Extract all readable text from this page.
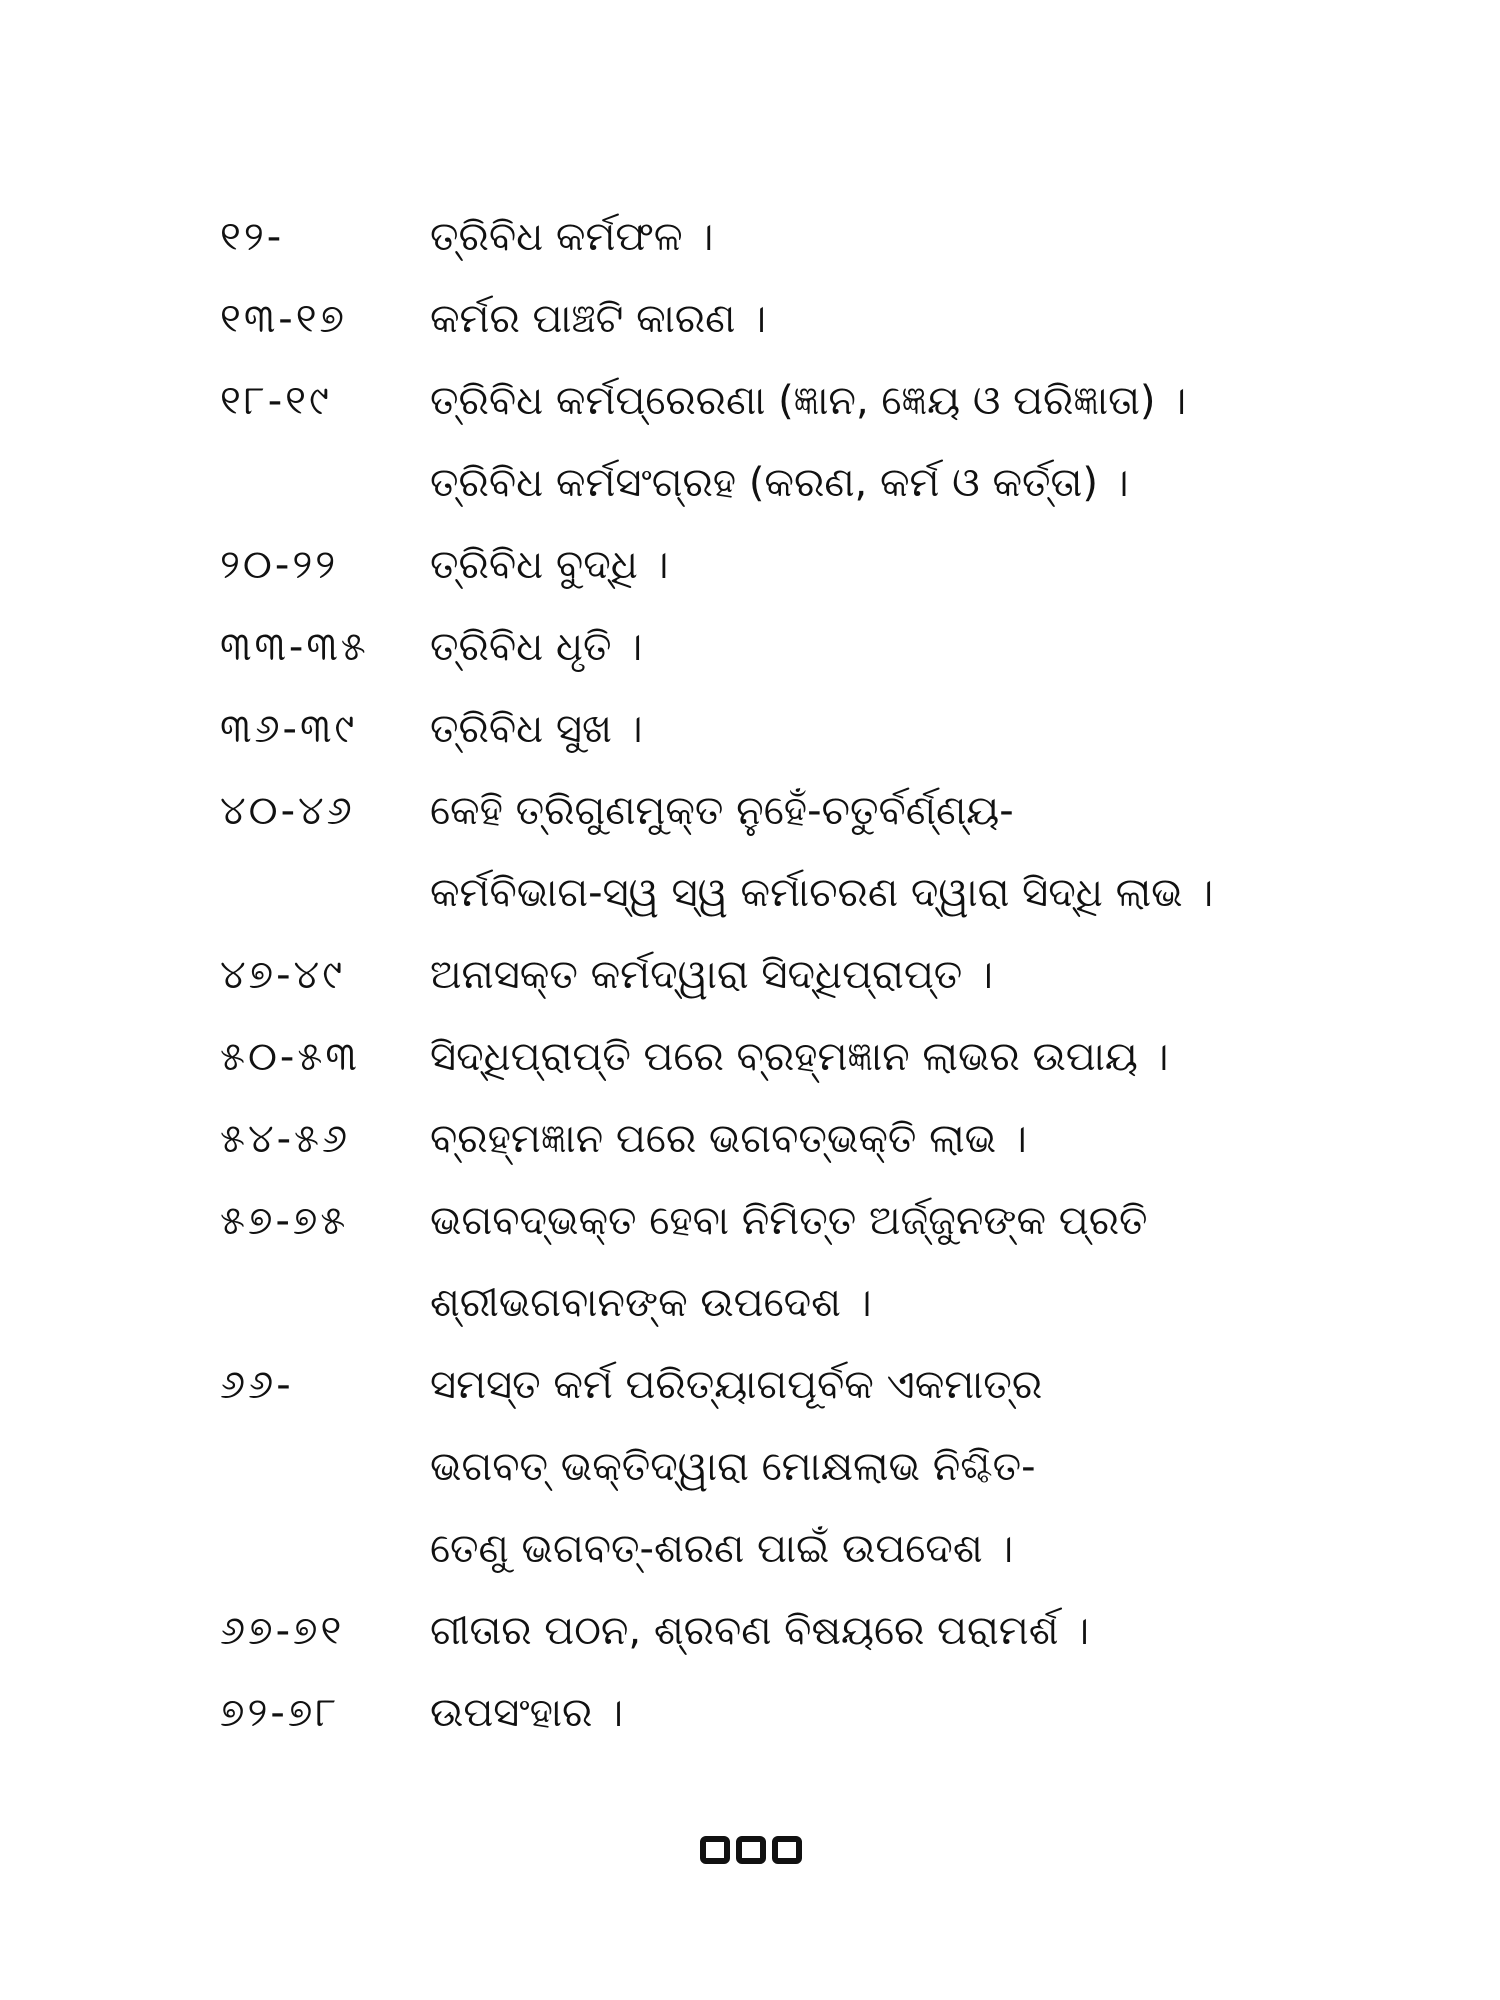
୧୨-	ତ୍ରିବିଧ କର୍ମଫଳ ।
୧୩-୧୭	କର୍ମର ପାଞ୍ଚଟି କାରଣ ।
୧୮-୧୯	ତ୍ରିବିଧ କର୍ମପ୍ରେରଣା (ଜ୍ଞାନ, ଜ୍ଞେୟ ଓ ପରିଜ୍ଞାତା) ।
ତ୍ରିବିଧ କର୍ମସଂଗ୍ରହ (କରଣ, କର୍ମ ଓ କର୍ତ୍ତା) ।
୨୦-୨୨	ତ୍ରିବିଧ ବୁଦ୍ଧି ।
୩୩-୩୫	ତ୍ରିବିଧ ଧୃତି ।
୩୬-୩୯	ତ୍ରିବିଧ ସୁଖ ।
୪୦-୪୬	କେହି ତ୍ରିଗୁଣମୁକ୍ତ ନୁହେଁ-ଚତୁର୍ବର୍ଣ୍ଣ୍ୟ-
କର୍ମବିଭାଗ-ସ୍ୱ ସ୍ୱ କର୍ମାଚରଣ ଦ୍ୱାରା ସିଦ୍ଧି ଲାଭ ।
୪୭-୪୯	ଅନାସକ୍ତ କର୍ମଦ୍ୱାରା ସିଦ୍ଧିପ୍ରାପ୍ତ ।
୫୦-୫୩	ସିଦ୍ଧିପ୍ରାପ୍ତି ପରେ ବ୍ରହ୍ମଜ୍ଞାନ ଲାଭର ଉପାୟ ।
୫୪-୫୬	ବ୍ରହ୍ମଜ୍ଞାନ ପରେ ଭଗବତ୍‌ଭକ୍ତି ଲାଭ ।
୫୭-୭୫	ଭଗବଦ୍‌ଭକ୍ତ ହେବା ନିମିତ୍ତ ଅର୍ଜ୍ଜୁନଙ୍କ ପ୍ରତି
ଶ୍ରୀଭଗବାନଙ୍କ ଉପଦେଶ ।
୬୬-	ସମସ୍ତ କର୍ମ ପରିତ୍ୟାଗପୂର୍ବକ ଏକମାତ୍ର
ଭଗବତ୍ ଭକ୍ତିଦ୍ୱାରା ମୋକ୍ଷଲାଭ ନିଶ୍ଚିତ-
ତେଣୁ ଭଗବତ୍-ଶରଣ ପାଇଁ ଉପଦେଶ ।
୬୭-୭୧	ଗୀତାର ପଠନ, ଶ୍ରବଣ ବିଷୟରେ ପରାମର୍ଶ ।
୭୨-୭୮	ଉପସଂହାର ।
